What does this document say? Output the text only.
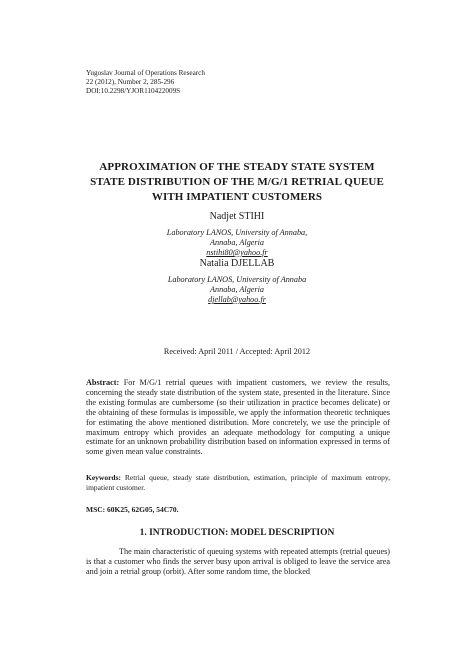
Yugoslav Journal of Operations Research
22 (2012), Number 2, 285-296
DOI:10.2298/YJOR110422009S
APPROXIMATION OF THE STEADY STATE SYSTEM
STATE DISTRIBUTION OF THE M/G/1 RETRIAL QUEUE
WITH IMPATIENT CUSTOMERS
Nadjet STIHI
Laboratory LANOS, University of Annaba,
Annaba, Algeria
nstihi80@yahoo.fr
Natalia DJELLAB
Laboratory LANOS, University of Annaba
Annaba, Algeria
djellab@yahoo.fr
Received: April 2011 / Accepted: April 2012
Abstract: For M/G/1 retrial queues with impatient customers, we review the results, concerning the steady state distribution of the system state, presented in the literature. Since the existing formulas are cumbersome (so their utilization in practice becomes delicate) or the obtaining of these formulas is impossible, we apply the information theoretic techniques for estimating the above mentioned distribution. More concretely, we use the principle of maximum entropy which provides an adequate methodology for computing a unique estimate for an unknown probability distribution based on information expressed in terms of some given mean value constraints.
Keywords: Retrial queue, steady state distribution, estimation, principle of maximum entropy, impatient customer.
MSC: 60K25, 62G05, 54C70.
1. INTRODUCTION: MODEL DESCRIPTION
The main characteristic of queuing systems with repeated attempts (retrial queues) is that a customer who finds the server busy upon arrival is obliged to leave the service area and join a retrial group (orbit). After some random time, the blocked
